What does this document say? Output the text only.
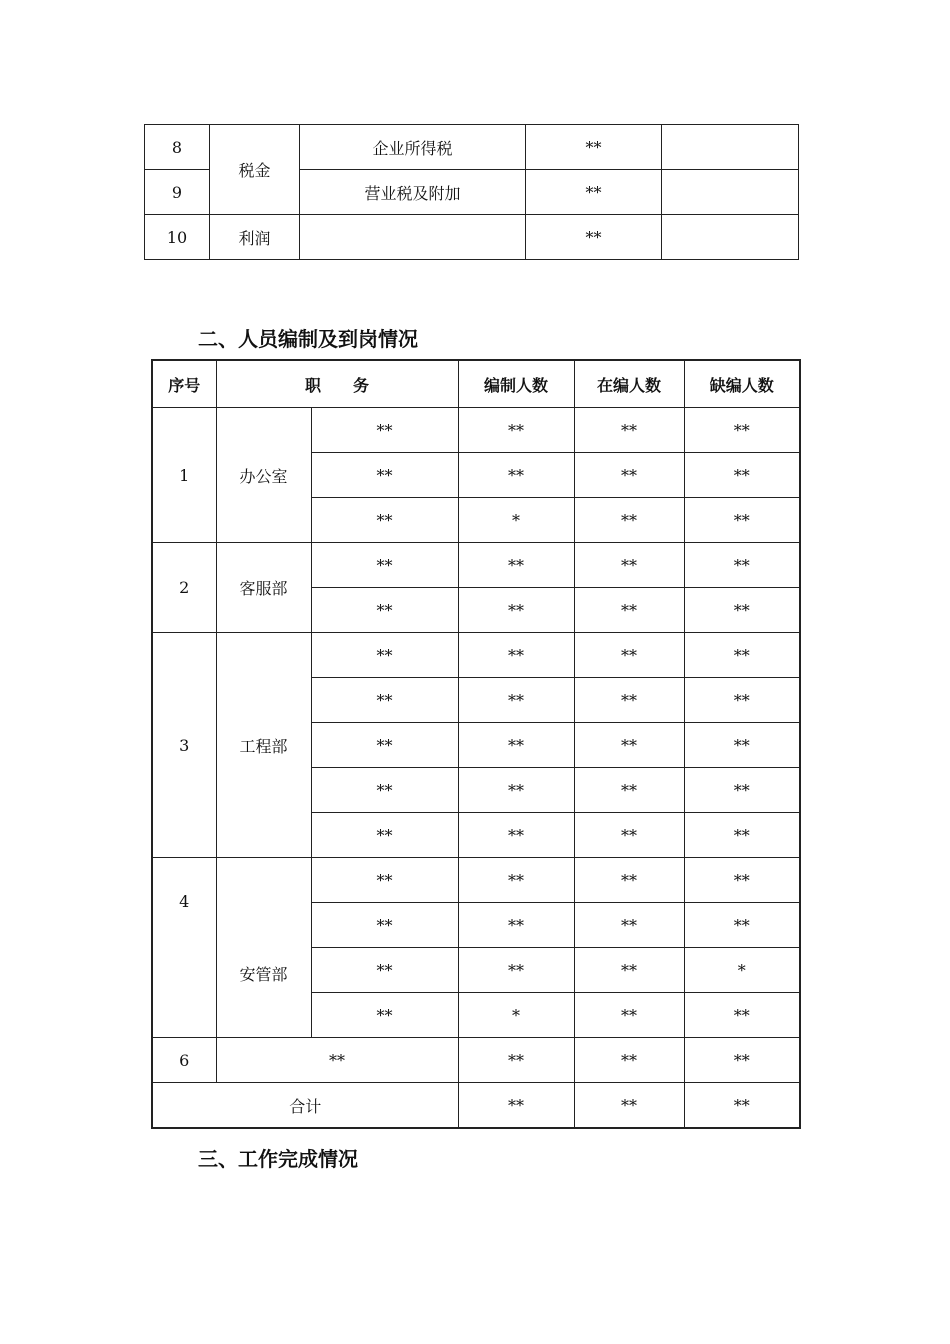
8	税金	企业所得税	**	
9		营业税及附加	**	
10	利润		**	
二、人员编制及到岗情况
序号	职　　务		编制人数	在编人数	缺编人数
1	办公室	**	**	**	**
		**	**	**	**
		**	*	**	**
2	客服部	**	**	**	**
		**	**	**	**
3	工程部	**	**	**	**
		**	**	**	**
		**	**	**	**
		**	**	**	**
		**	**	**	**
4	安管部	**	**	**	**
		**	**	**	**
		**	**	**	*
		**	*	**	**
6	**		**	**	**
合计			**	**	**
三、工作完成情况
